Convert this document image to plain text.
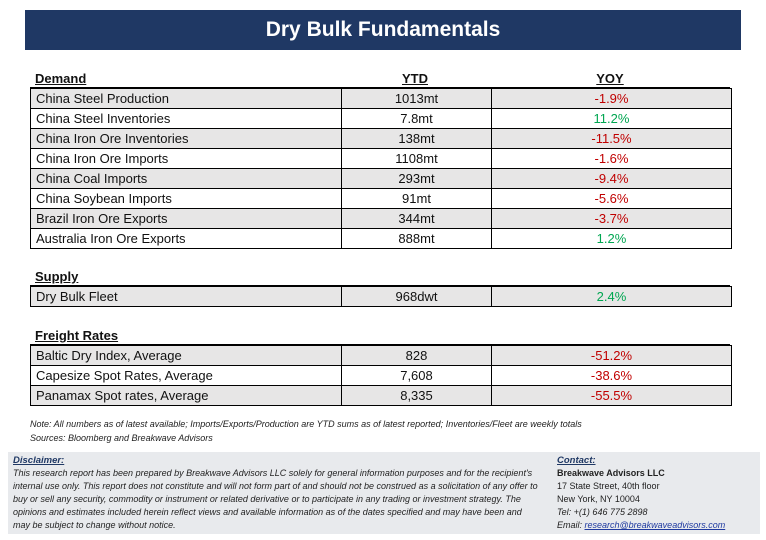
Dry Bulk Fundamentals
Demand	YTD	YOY
China Steel Production	1013mt	-1.9%
China Steel Inventories	7.8mt	11.2%
China Iron Ore Inventories	138mt	-11.5%
China Iron Ore Imports	1108mt	-1.6%
China Coal Imports	293mt	-9.4%
China Soybean Imports	91mt	-5.6%
Brazil Iron Ore Exports	344mt	-3.7%
Australia Iron Ore Exports	888mt	1.2%
Supply
Dry Bulk Fleet	968dwt	2.4%
Freight Rates
Baltic Dry Index, Average	828	-51.2%
Capesize Spot Rates, Average	7,608	-38.6%
Panamax Spot rates, Average	8,335	-55.5%
Note: All numbers as of latest available; Imports/Exports/Production are YTD sums as of latest reported; Inventories/Fleet are weekly totals
Sources: Bloomberg and Breakwave Advisors
Disclaimer:
This research report has been prepared by Breakwave Advisors LLC solely for general information purposes and for the recipient's internal use only. This report does not constitute and will not form part of and should not be construed as a solicitation of any offer to buy or sell any security, commodity or instrument or related derivative or to participate in any trading or investment strategy. The opinions and estimates included herein reflect views and available information as of the dates specified and may have been and may be subject to change without notice.
Contact:
Breakwave Advisors LLC
17 State Street, 40th floor
New York, NY 10004
Tel: +(1) 646 775 2898
Email: research@breakwaveadvisors.com
